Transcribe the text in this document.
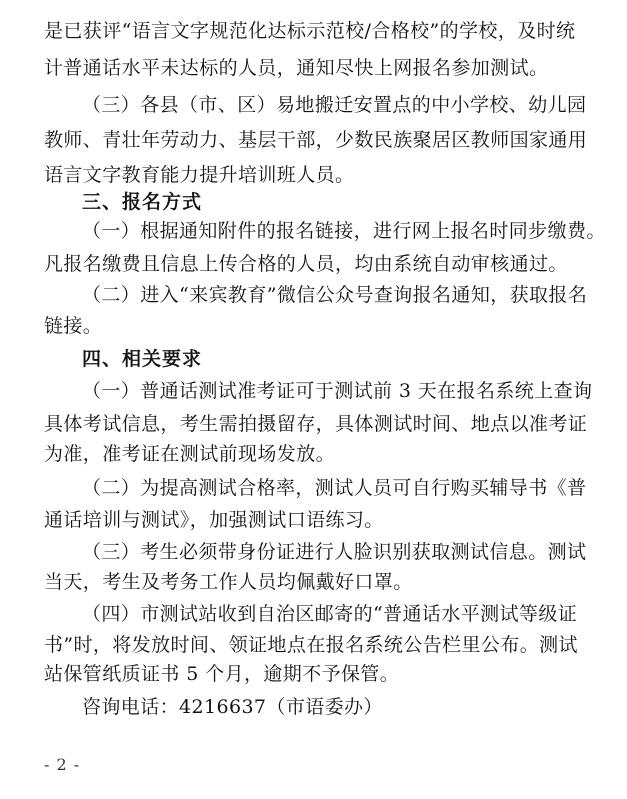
是已获评“语言文字规范化达标示范校/合格校”的学校，及时统
计普通话水平未达标的人员，通知尽快上网报名参加测试。
（三）各县（市、区）易地搬迁安置点的中小学校、幼儿园
教师、青壮年劳动力、基层干部，少数民族聚居区教师国家通用
语言文字教育能力提升培训班人员。
三、报名方式
（一）根据通知附件的报名链接，进行网上报名时同步缴费。
凡报名缴费且信息上传合格的人员，均由系统自动审核通过。
（二）进入“来宾教育”微信公众号查询报名通知，获取报名
链接。
四、相关要求
（一）普通话测试准考证可于测试前 3 天在报名系统上查询
具体考试信息，考生需拍摄留存，具体测试时间、地点以准考证
为准，准考证在测试前现场发放。
（二）为提高测试合格率，测试人员可自行购买辅导书《普
通话培训与测试》，加强测试口语练习。
（三）考生必须带身份证进行人脸识别获取测试信息。测试
当天，考生及考务工作人员均佩戴好口罩。
（四）市测试站收到自治区邮寄的“普通话水平测试等级证
书”时，将发放时间、领证地点在报名系统公告栏里公布。测试
站保管纸质证书 5 个月，逾期不予保管。
咨询电话：4216637（市语委办）
- 2 -
